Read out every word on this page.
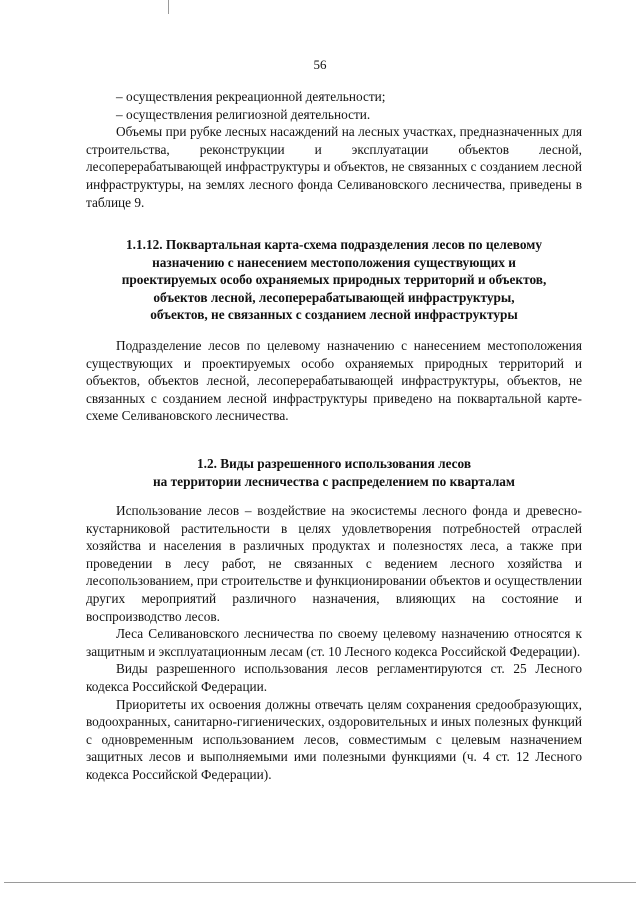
56

– осуществления рекреационной деятельности;

– осуществления религиозной деятельности.

Объемы при рубке лесных насаждений на лесных участках, предназначенных для строительства, реконструкции и эксплуатации объектов лесной, лесоперерабатывающей инфраструктуры и объектов, не связанных с созданием лесной инфраструктуры, на землях лесного фонда Селивановского лесничества, приведены в таблице 9.

1.1.12. Поквартальная карта-схема подразделения лесов по целевому
назначению с нанесением местоположения существующих и
проектируемых особо охраняемых природных территорий и объектов,
объектов лесной, лесоперерабатывающей инфраструктуры,
объектов, не связанных с созданием лесной инфраструктуры

Подразделение лесов по целевому назначению с нанесением местоположения существующих и проектируемых особо охраняемых природных территорий и объектов, объектов лесной, лесоперерабатывающей инфраструктуры, объектов, не связанных с созданием лесной инфраструктуры приведено на поквартальной карте-схеме Селивановского лесничества.

1.2. Виды разрешенного использования лесов
на территории лесничества с распределением по кварталам

Использование лесов – воздействие на экосистемы лесного фонда и древесно-кустарниковой растительности в целях удовлетворения потребностей отраслей хозяйства и населения в различных продуктах и полезностях леса, а также при проведении в лесу работ, не связанных с ведением лесного хозяйства и лесопользованием, при строительстве и функционировании объектов и осуществлении других мероприятий различного назначения, влияющих на состояние и воспроизводство лесов.

Леса Селивановского лесничества по своему целевому назначению относятся к защитным и эксплуатационным лесам (ст. 10 Лесного кодекса Российской Федерации).

Виды разрешенного использования лесов регламентируются ст. 25 Лесного кодекса Российской Федерации.

Приоритеты их освоения должны отвечать целям сохранения средообразующих, водоохранных, санитарно-гигиенических, оздоровительных и иных полезных функций с одновременным использованием лесов, совместимым с целевым назначением защитных лесов и выполняемыми ими полезными функциями (ч. 4 ст. 12 Лесного кодекса Российской Федерации).
